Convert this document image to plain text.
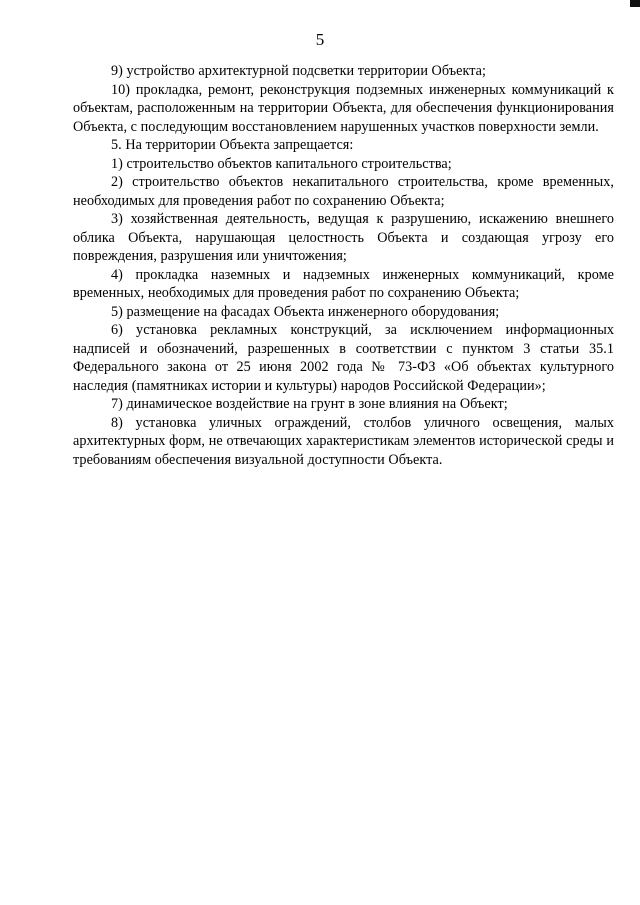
5

9) устройство архитектурной подсветки территории Объекта;

10) прокладка, ремонт, реконструкция подземных инженерных коммуникаций к объектам, расположенным на территории Объекта, для обеспечения функционирования Объекта, с последующим восстановлением нарушенных участков поверхности земли.

5. На территории Объекта запрещается:

1) строительство объектов капитального строительства;

2) строительство объектов некапитального строительства, кроме временных, необходимых для проведения работ по сохранению Объекта;

3) хозяйственная деятельность, ведущая к разрушению, искажению внешнего облика Объекта, нарушающая целостность Объекта и создающая угрозу его повреждения, разрушения или уничтожения;

4) прокладка наземных и надземных инженерных коммуникаций, кроме временных, необходимых для проведения работ по сохранению Объекта;

5) размещение на фасадах Объекта инженерного оборудования;

6) установка рекламных конструкций, за исключением информационных надписей и обозначений, разрешенных в соответствии с пунктом 3 статьи 35.1 Федерального закона от 25 июня 2002 года № 73-ФЗ «Об объектах культурного наследия (памятниках истории и культуры) народов Российской Федерации»;

7) динамическое воздействие на грунт в зоне влияния на Объект;

8) установка уличных ограждений, столбов уличного освещения, малых архитектурных форм, не отвечающих характеристикам элементов исторической среды и требованиям обеспечения визуальной доступности Объекта.
